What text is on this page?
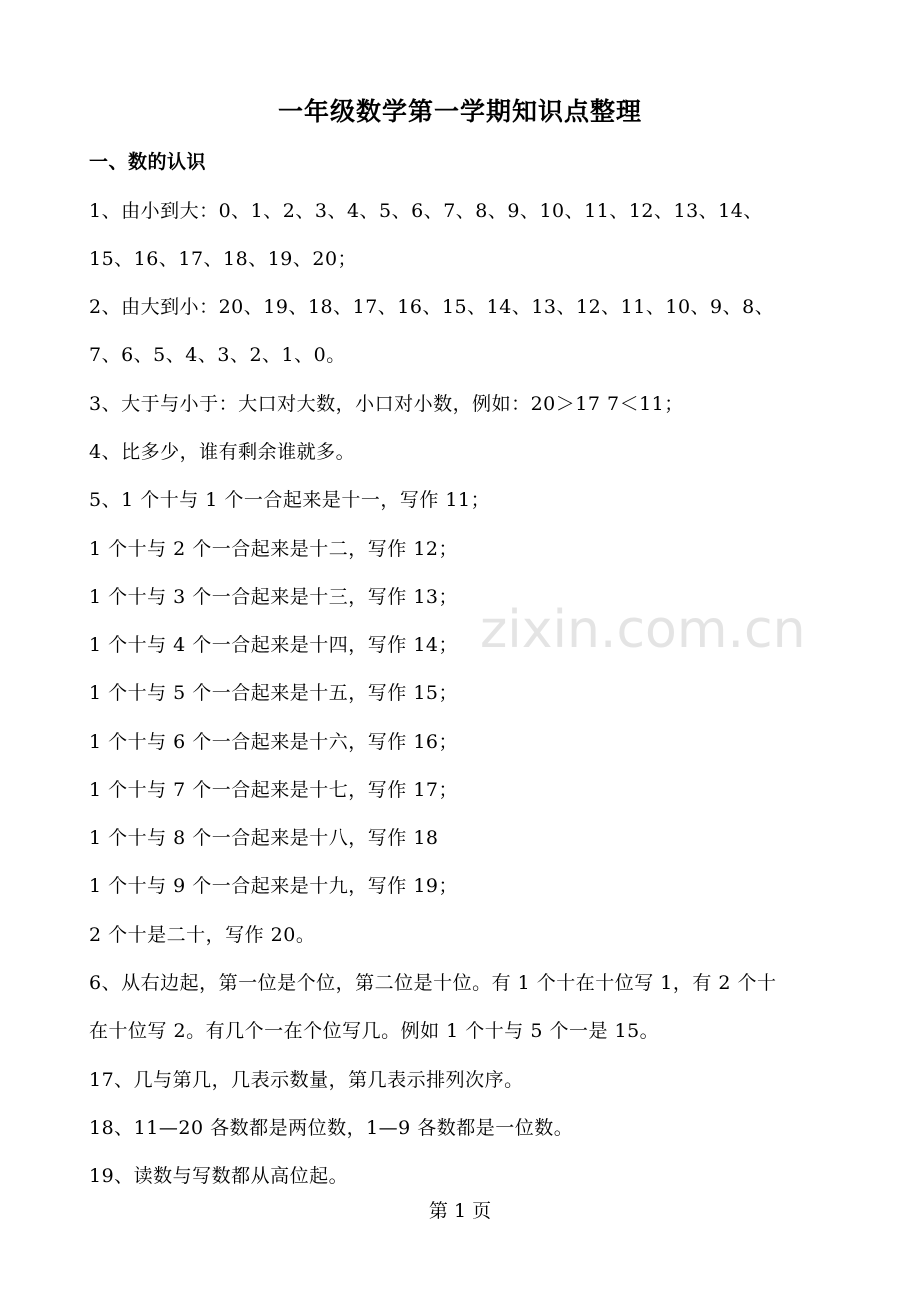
zixin.com.cn
一年级数学第一学期知识点整理
一、数的认识
1、由小到大：0、1、2、3、4、5、6、7、8、9、10、11、12、13、14、
15、16、17、18、19、20；
2、由大到小：20、19、18、17、16、15、14、13、12、11、10、9、8、
7、6、5、4、3、2、1、0。
3、大于与小于：大口对大数，小口对小数，例如：20＞17 7＜11；
4、比多少，谁有剩余谁就多。
5、1 个十与 1 个一合起来是十一，写作 11；
1 个十与 2 个一合起来是十二，写作 12；
1 个十与 3 个一合起来是十三，写作 13；
1 个十与 4 个一合起来是十四，写作 14；
1 个十与 5 个一合起来是十五，写作 15；
1 个十与 6 个一合起来是十六，写作 16；
1 个十与 7 个一合起来是十七，写作 17；
1 个十与 8 个一合起来是十八，写作 18
1 个十与 9 个一合起来是十九，写作 19；
2 个十是二十，写作 20。
6、从右边起，第一位是个位，第二位是十位。有 1 个十在十位写 1，有 2 个十
在十位写 2。有几个一在个位写几。例如 1 个十与 5 个一是 15。
17、几与第几，几表示数量，第几表示排列次序。
18、11—20 各数都是两位数，1—9 各数都是一位数。
19、读数与写数都从高位起。
第 1 页
